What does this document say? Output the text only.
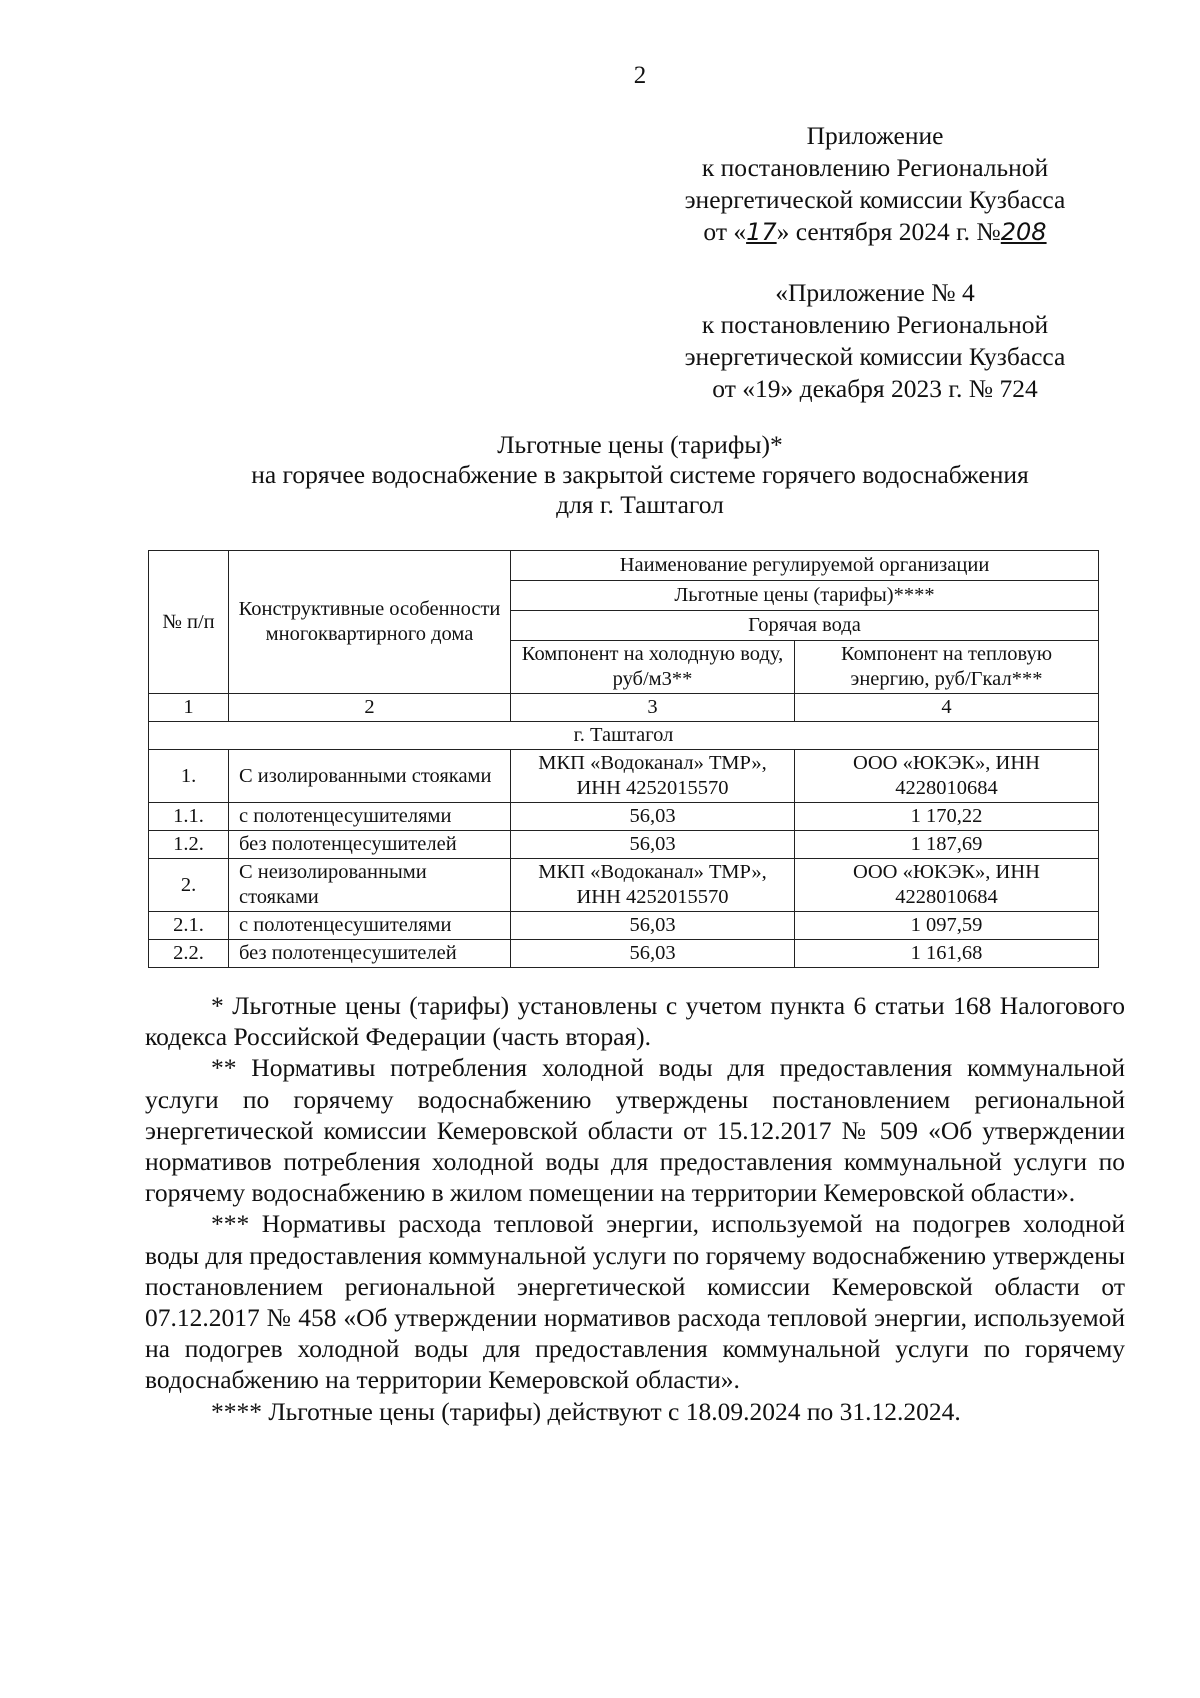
2
Приложение
к постановлению Региональной
энергетической комиссии Кузбасса
от «17» сентября 2024 г. №208
«Приложение № 4
к постановлению Региональной
энергетической комиссии Кузбасса
от «19» декабря 2023 г. № 724
Льготные цены (тарифы)*
на горячее водоснабжение в закрытой системе горячего водоснабжения
для г. Таштагол
№ п/п	Конструктивные особенности многоквартирного дома	Наименование регулируемой организации	
		Льготные цены (тарифы)****	
		Горячая вода	
		Компонент на холодную воду, руб/м3**	Компонент на тепловую энергию, руб/Гкал***
1	2	3	4
г. Таштагол			
1.	С изолированными стояками	МКП «Водоканал» ТМР», ИНН 4252015570	ООО «ЮКЭК», ИНН 4228010684
1.1.	с полотенцесушителями	56,03	1 170,22
1.2.	без полотенцесушителей	56,03	1 187,69
2.	С неизолированными стояками	МКП «Водоканал» ТМР», ИНН 4252015570	ООО «ЮКЭК», ИНН 4228010684
2.1.	с полотенцесушителями	56,03	1 097,59
2.2.	без полотенцесушителей	56,03	1 161,68

* Льготные цены (тарифы) установлены с учетом пункта 6 статьи 168 Налогового кодекса Российской Федерации (часть вторая).

** Нормативы потребления холодной воды для предоставления коммунальной услуги по горячему водоснабжению утверждены постановлением региональной энергетической комиссии Кемеровской области от 15.12.2017 № 509 «Об утверждении нормативов потребления холодной воды для предоставления коммунальной услуги по горячему водоснабжению в жилом помещении на территории Кемеровской области».

*** Нормативы расхода тепловой энергии, используемой на подогрев холодной воды для предоставления коммунальной услуги по горячему водоснабжению утверждены постановлением региональной энергетической комиссии Кемеровской области от 07.12.2017 № 458 «Об утверждении нормативов расхода тепловой энергии, используемой на подогрев холодной воды для предоставления коммунальной услуги по горячему водоснабжению на территории Кемеровской области».

**** Льготные цены (тарифы) действуют с 18.09.2024 по 31.12.2024.
